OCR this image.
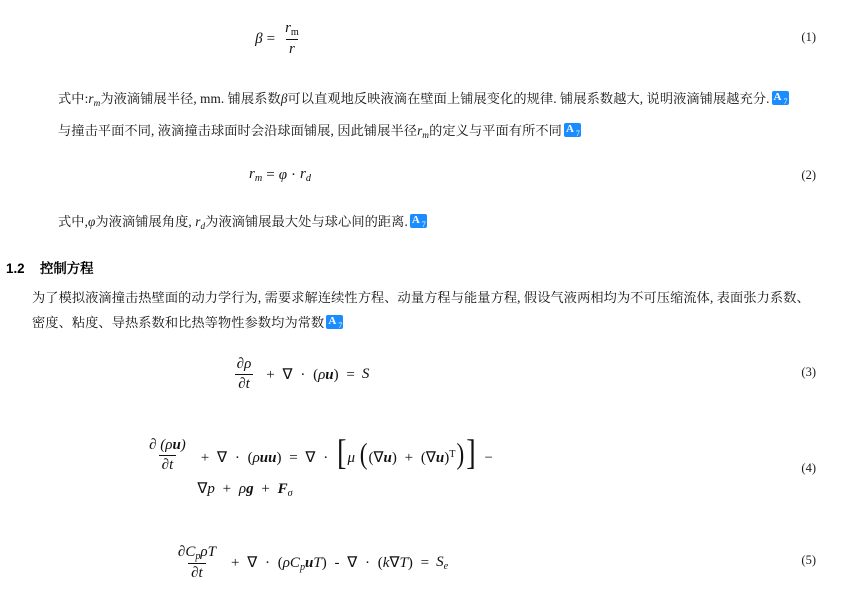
$\beta = \frac{rm}{r}$	(1)
式中$:r_m$为液滴铺展半径, mm. 铺展系数β可以直观地反映液滴在壁面上铺展变化的规律. 铺展系数越大, 说明液滴铺展越充分. A 7
与撞击平面不同, 液滴撞击球面时会沿球面铺展, 因此铺展半径$r_m$的定义与平面有所不同 A 7
rm = φ · rd	(2)
式中,φ为液滴铺展角度, $r_d$为液滴铺展最大处与球心间的距离. A 7
1.2 控制方程
为了模拟液滴撞击热壁面的动力学行为, 需要求解连续性方程、动量方程与能量方程, 假设气液两相均为不可压缩流体, 表面张力系数、密度、粘度、导热系数和比热等物性参数均为常数 A 7
$\frac{\partial\rho}{\partial t}$ + ∇ · (ρu) = S	(3)
$\frac{\partial (\rho u)}{\partial t}$ + ∇ · (ρuu) = ∇ · [μ ((∇u) + (∇u)T)] −
∇p + ρg + Fσ
(4)
$\frac{\text{∂CpρT}}{\partial t}$ + ∇ · (ρCpuT) - ∇ · (k∇T) = Se	(5)
